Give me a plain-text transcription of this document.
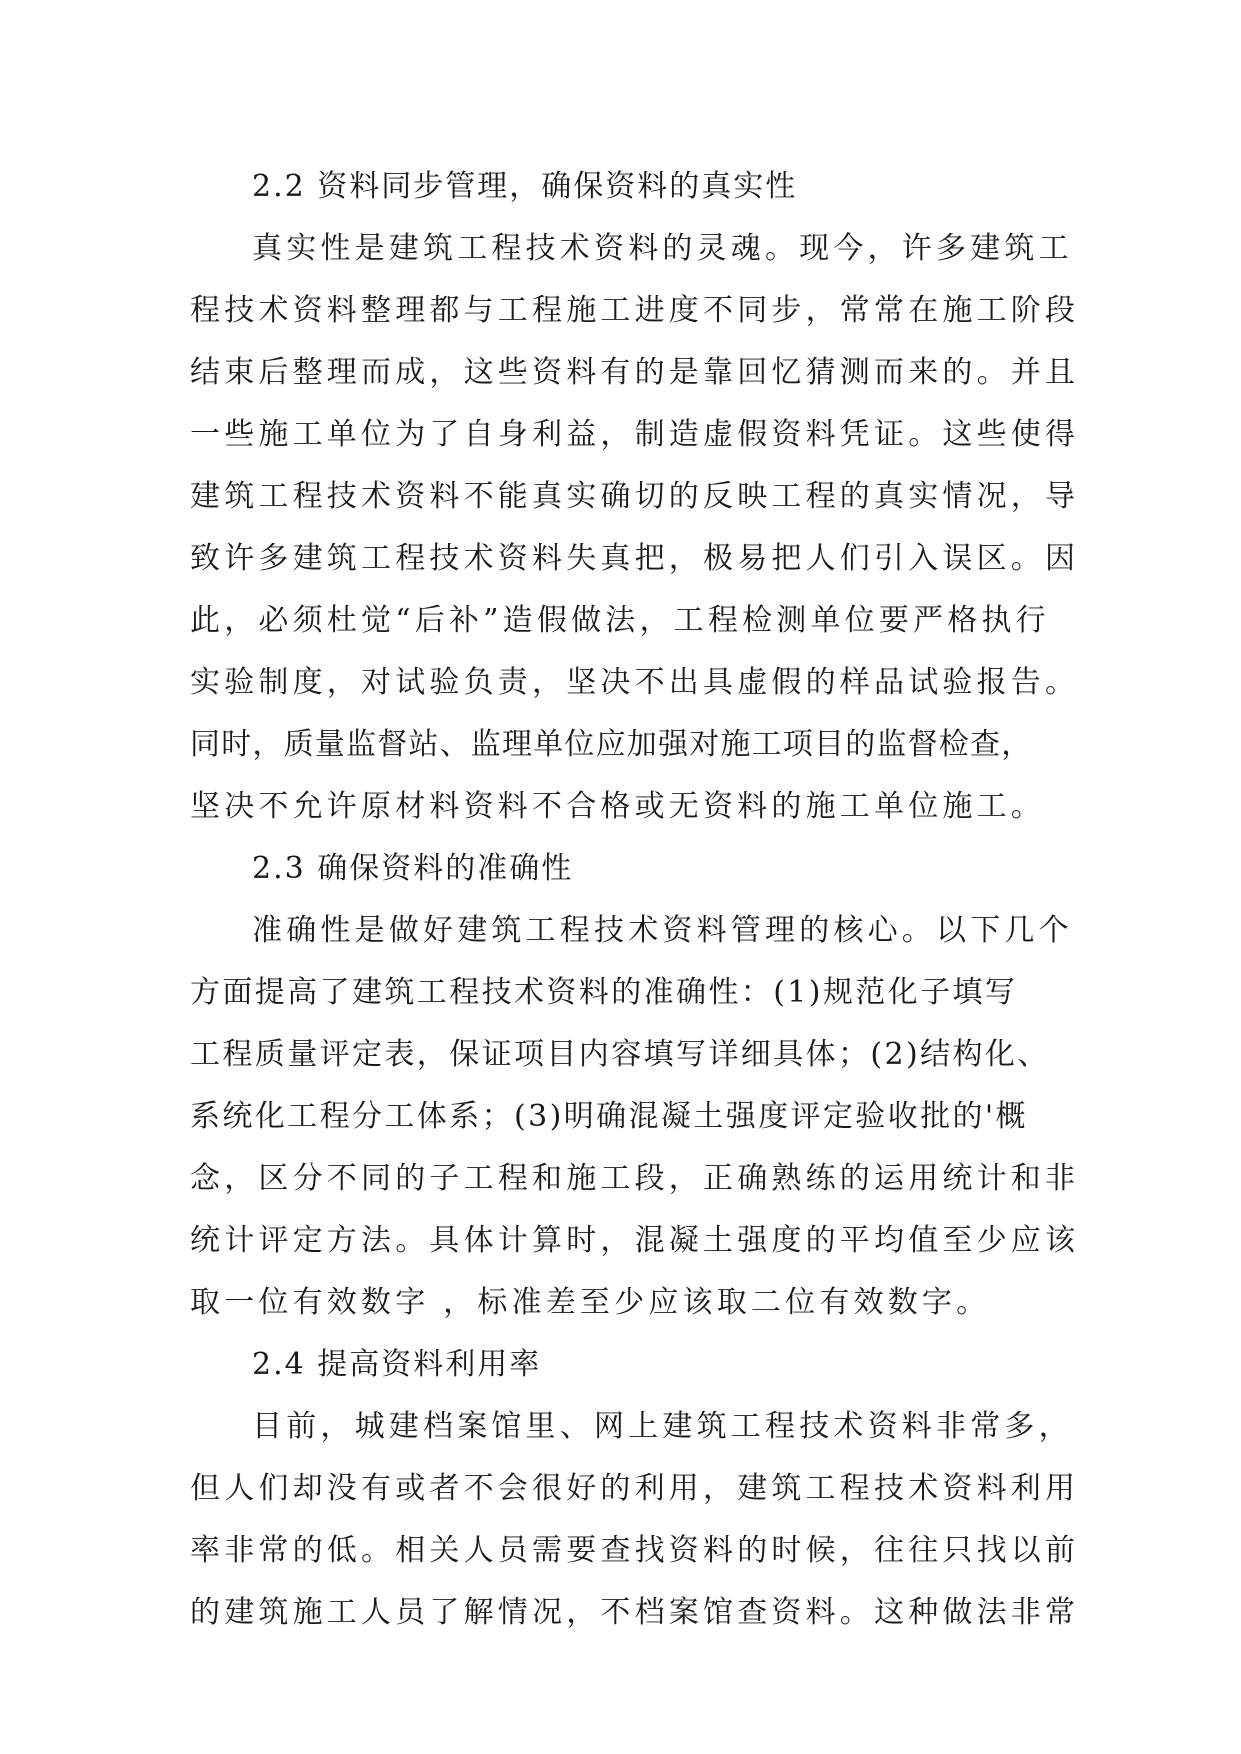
2.2 资料同步管理，确保资料的真实性
真实性是建筑工程技术资料的灵魂。现今，许多建筑工
程技术资料整理都与工程施工进度不同步，常常在施工阶段
结束后整理而成，这些资料有的是靠回忆猜测而来的。并且
一些施工单位为了自身利益，制造虚假资料凭证。这些使得
建筑工程技术资料不能真实确切的反映工程的真实情况，导
致许多建筑工程技术资料失真把，极易把人们引入误区。因
此，必须杜觉“后补”造假做法，工程检测单位要严格执行
实验制度，对试验负责，坚决不出具虚假的样品试验报告。
同时，质量监督站、监理单位应加强对施工项目的监督检查，
坚决不允许原材料资料不合格或无资料的施工单位施工。
2.3 确保资料的准确性
准确性是做好建筑工程技术资料管理的核心。以下几个
方面提高了建筑工程技术资料的准确性：(1)规范化子填写
工程质量评定表，保证项目内容填写详细具体；(2)结构化、
系统化工程分工体系；(3)明确混凝土强度评定验收批的'概
念，区分不同的子工程和施工段，正确熟练的运用统计和非
统计评定方法。具体计算时，混凝土强度的平均值至少应该
取一位有效数字 ，标准差至少应该取二位有效数字。
2.4 提高资料利用率
目前，城建档案馆里、网上建筑工程技术资料非常多，
但人们却没有或者不会很好的利用，建筑工程技术资料利用
率非常的低。相关人员需要查找资料的时候，往往只找以前
的建筑施工人员了解情况，不档案馆查资料。这种做法非常
